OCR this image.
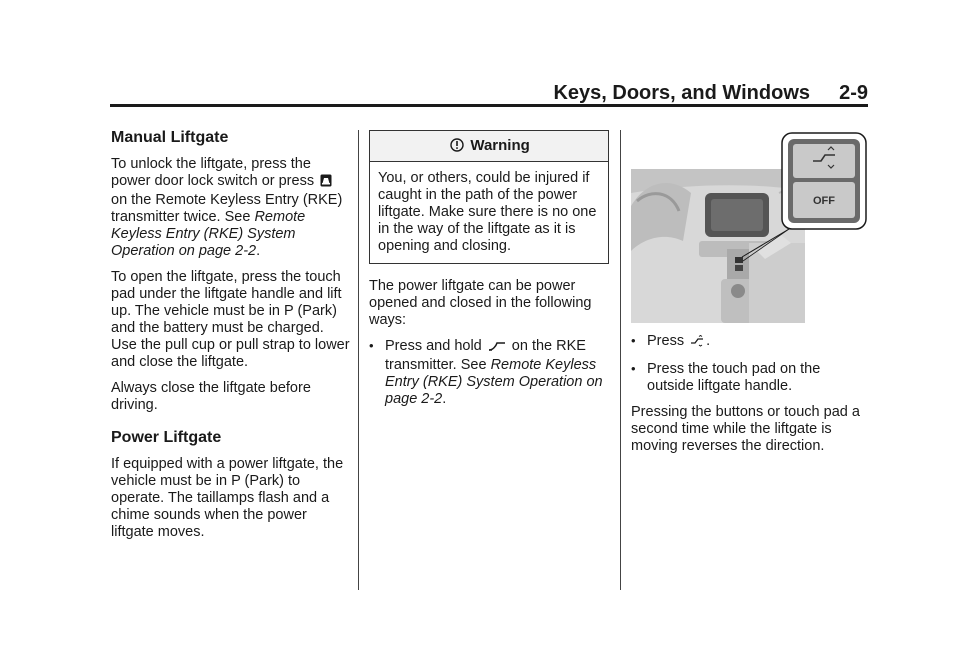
Keys, Doors, and Windows 2-9
Manual Liftgate

To unlock the liftgate, press the power door lock switch or press  on the Remote Keyless Entry (RKE) transmitter twice. See Remote Keyless Entry (RKE) System Operation on page 2-2.

To open the liftgate, press the touch pad under the liftgate handle and lift up. The vehicle must be in P (Park) and the battery must be charged. Use the pull cup or pull strap to lower and close the liftgate.

Always close the liftgate before driving.

Power Liftgate

If equipped with a power liftgate, the vehicle must be in P (Park) to operate. The taillamps flash and a chime sounds when the power liftgate moves.

Warning
You, or others, could be injured if caught in the path of the power liftgate. Make sure there is no one in the way of the liftgate as it is opening and closing.

The power liftgate can be power opened and closed in the following ways:

• Press and hold on the RKE transmitter. See Remote Keyless Entry (RKE) System Operation on page 2-2.
OFF
• Press .
• Press the touch pad on the outside liftgate handle.

Pressing the buttons or touch pad a second time while the liftgate is moving reverses the direction.
